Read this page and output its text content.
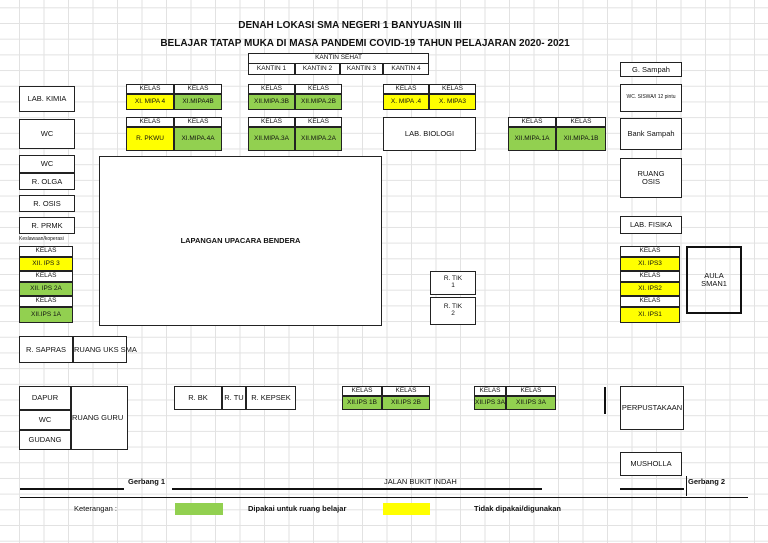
DENAH LOKASI SMA NEGERI 1 BANYUASIN III
BELAJAR TATAP MUKA DI MASA PANDEMI COVID-19 TAHUN PELAJARAN 2020- 2021
KANTIN SEHAT
KANTIN 1	KANTIN 2	KANTIN 3	KANTIN 4	G. Sampah
KELAS	KELAS
XI. MIPA 4	XI.MIPA4B
KELAS	KELAS
XII.MIPA.3B	XII.MIPA.2B
KELAS	KELAS
X. MIPA .4	X. MIPA3
LAB. KIMIA
WC
WC
R. OLGA
R. OSIS
R. PRMK
Keslawaan/koperasi
KELAS
XII. IPS 3
KELAS
XII. IPS 2A
KELAS
XII.IPS 1A
KELAS	KELAS
R. PKWU	XI.MIPA.4A
KELAS	KELAS
XII.MIPA.3A	XII.MIPA.2A
LAB. BIOLOGI
KELAS	KELAS
XII.MIPA.1A	XII.MIPA.1B
WC. SISWA/I 12 pintu
Bank Sampah
RUANG OSIS
LAB. FISIKA
KELAS
XI. IPS3
KELAS
XI. IPS2
KELAS
XI. IPS1
AULA SMAN1
LAPANGAN UPACARA BENDERA
R. TIK 1
R. TIK 2
R. SAPRAS	RUANG UKS SMA
DAPUR
WC
GUDANG
RUANG GURU
R. BK	R. TU R. KEPSEK
KELAS	KELAS
XII.IPS 1B	XII.IPS 2B
KELAS	KELAS
XII.IPS 3A	XII.IPS 3A
PERPUSTAKAAN
MUSHOLLA
Gerbang 1	JALAN BUKIT INDAH	Gerbang 2
Keterangan :	Dipakai untuk ruang belajar	Tidak dipakai/digunakan
